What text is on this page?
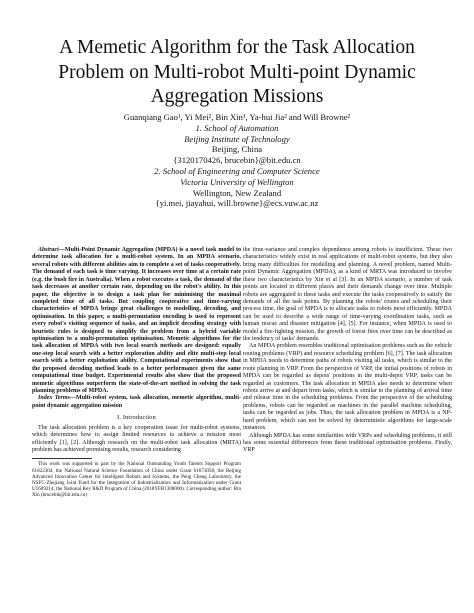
A Memetic Algorithm for the Task Allocation Problem on Multi-robot Multi-point Dynamic Aggregation Missions
Guanqiang Gao¹, Yi Mei², Bin Xin¹, Ya-hui Jia² and Will Browne²
1. School of Automation
Beijing Institute of Technology
Beijing, China
{3120170426, brucebin}@bit.edu.cn
2. School of Engineering and Computer Science
Victoria University of Wellington
Wellington, New Zealand
{yi.mei, jiayahui, will.browne}@ecs.vuw.ac.nz

Abstract—Multi-Point Dynamic Aggregation (MPDA) is a novel task model to determine task allocation for a multi-robot system. In an MPDA scenario, several robots with different abilities aim to complete a set of tasks cooperatively. The demand of each task is time varying. It increases over time at a certain rate (e.g. the bush fire in Australia). When a robot executes a task, the demand of the task decreases at another certain rate, depending on the robot's ability. In this paper, the objective is to design a task plan for minimising the maximal completed time of all tasks. But coupling cooperative and time-varying characteristics of MPDA brings great challenges to modelling, decoding, and optimisation. In this paper, a multi-permutation encoding is used to represent every robot's visiting sequence of tasks, and an implicit decoding strategy with heuristic rules is designed to simplify the problem from a hybrid variable optimisation to a multi-permutation optimisation. Memetic algorithms for the task allocation of MPDA with two local search methods are designed: equally one-step local search with a better exploration ability and elite multi-step local search with a better exploitation ability. Computational experiments show that the proposed decoding method leads to a better performance given the same computational time budget. Experimental results also show that the proposed memetic algorithms outperform the state-of-the-art method in solving the task planning problems of MPDA.

Index Terms—Multi-robot system, task allocation, memetic algorithm, multi-point dynamic aggregation mission

I. Introduction

The task allocation problem is a key cooperation issue for multi-robot systems, which determines how to assign limited resources to achieve a mission most efficiently [1], [2]. Although research on the multi-robot task allocation (MRTA) problem has achieved promising results, research considering

This work was supported in part by the National Outstanding Youth Talents Support Program 61822304, the National Natural Science Foundation of China under Grant 61673058, the Beijing Advanced Innovation Center for Intelligent Robots and Systems, the Peng Cheng Laboratory, the NSFC-Zhejiang Joint Fund for the Integration of Industrialization and Informatization under Grant U1609214, the National Key R&D Program of China (2018YFB1308000). Corresponding author: Bin Xin (brucebin@bit.edu.cn)

the time-variance and complex dependence among robots is insufficient. These two characteristics widely exist in real applications of multi-robot systems, but they also bring many difficulties for modelling and planning. A novel problem, named Multi-point Dynamic Aggregation (MPDA), as a kind of MRTA was introduced to involve these two characteristics by Xin et al [3]. In an MPDA scenario, a number of task points are located in different places and their demands change over time. Multiple robots are aggregated to these tasks and execute the tasks cooperatively to satisfy the demands of all the task points. By planning the robots' routes and scheduling their process time, the goal of MPDA is to allocate tasks to robots most efficiently. MPDA can be used to describe a wide range of time-varying coordination tasks, such as human rescue and disaster mitigation [4], [5]. For instance, when MPDA is used to model a fire-fighting mission, the growth of forest fires over time can be described as the tendency of tasks' demands.

An MPDA problem resembles traditional optimisation problems such as the vehicle routing problems (VRP) and resource scheduling problem [6], [7]. The task allocation in MPDA needs to determine paths of robots visiting all tasks, which is similar to the route planning in VRP. From the perspective of VRP, the initial positions of robots in MPDA can be regarded as depots' positions in the multi-depot VRP, tasks can be regarded as customers. The task allocation in MPDA also needs to determine when robots arrive at and depart from tasks, which is similar to the planning of arrival time and release time in the scheduling problems. From the perspective of the scheduling problems, robots can be regarded as machines in the parallel machine scheduling, tasks can be regarded as jobs. Thus, the task allocation problem in MPDA is a NP-hard problem, which can not be solved by deterministic algorithms for large-scale instances.

Although MPDA has some similarities with VRPs and scheduling problems, it still has some essential differences from these traditional optimisation problems. Firstly, VRP
